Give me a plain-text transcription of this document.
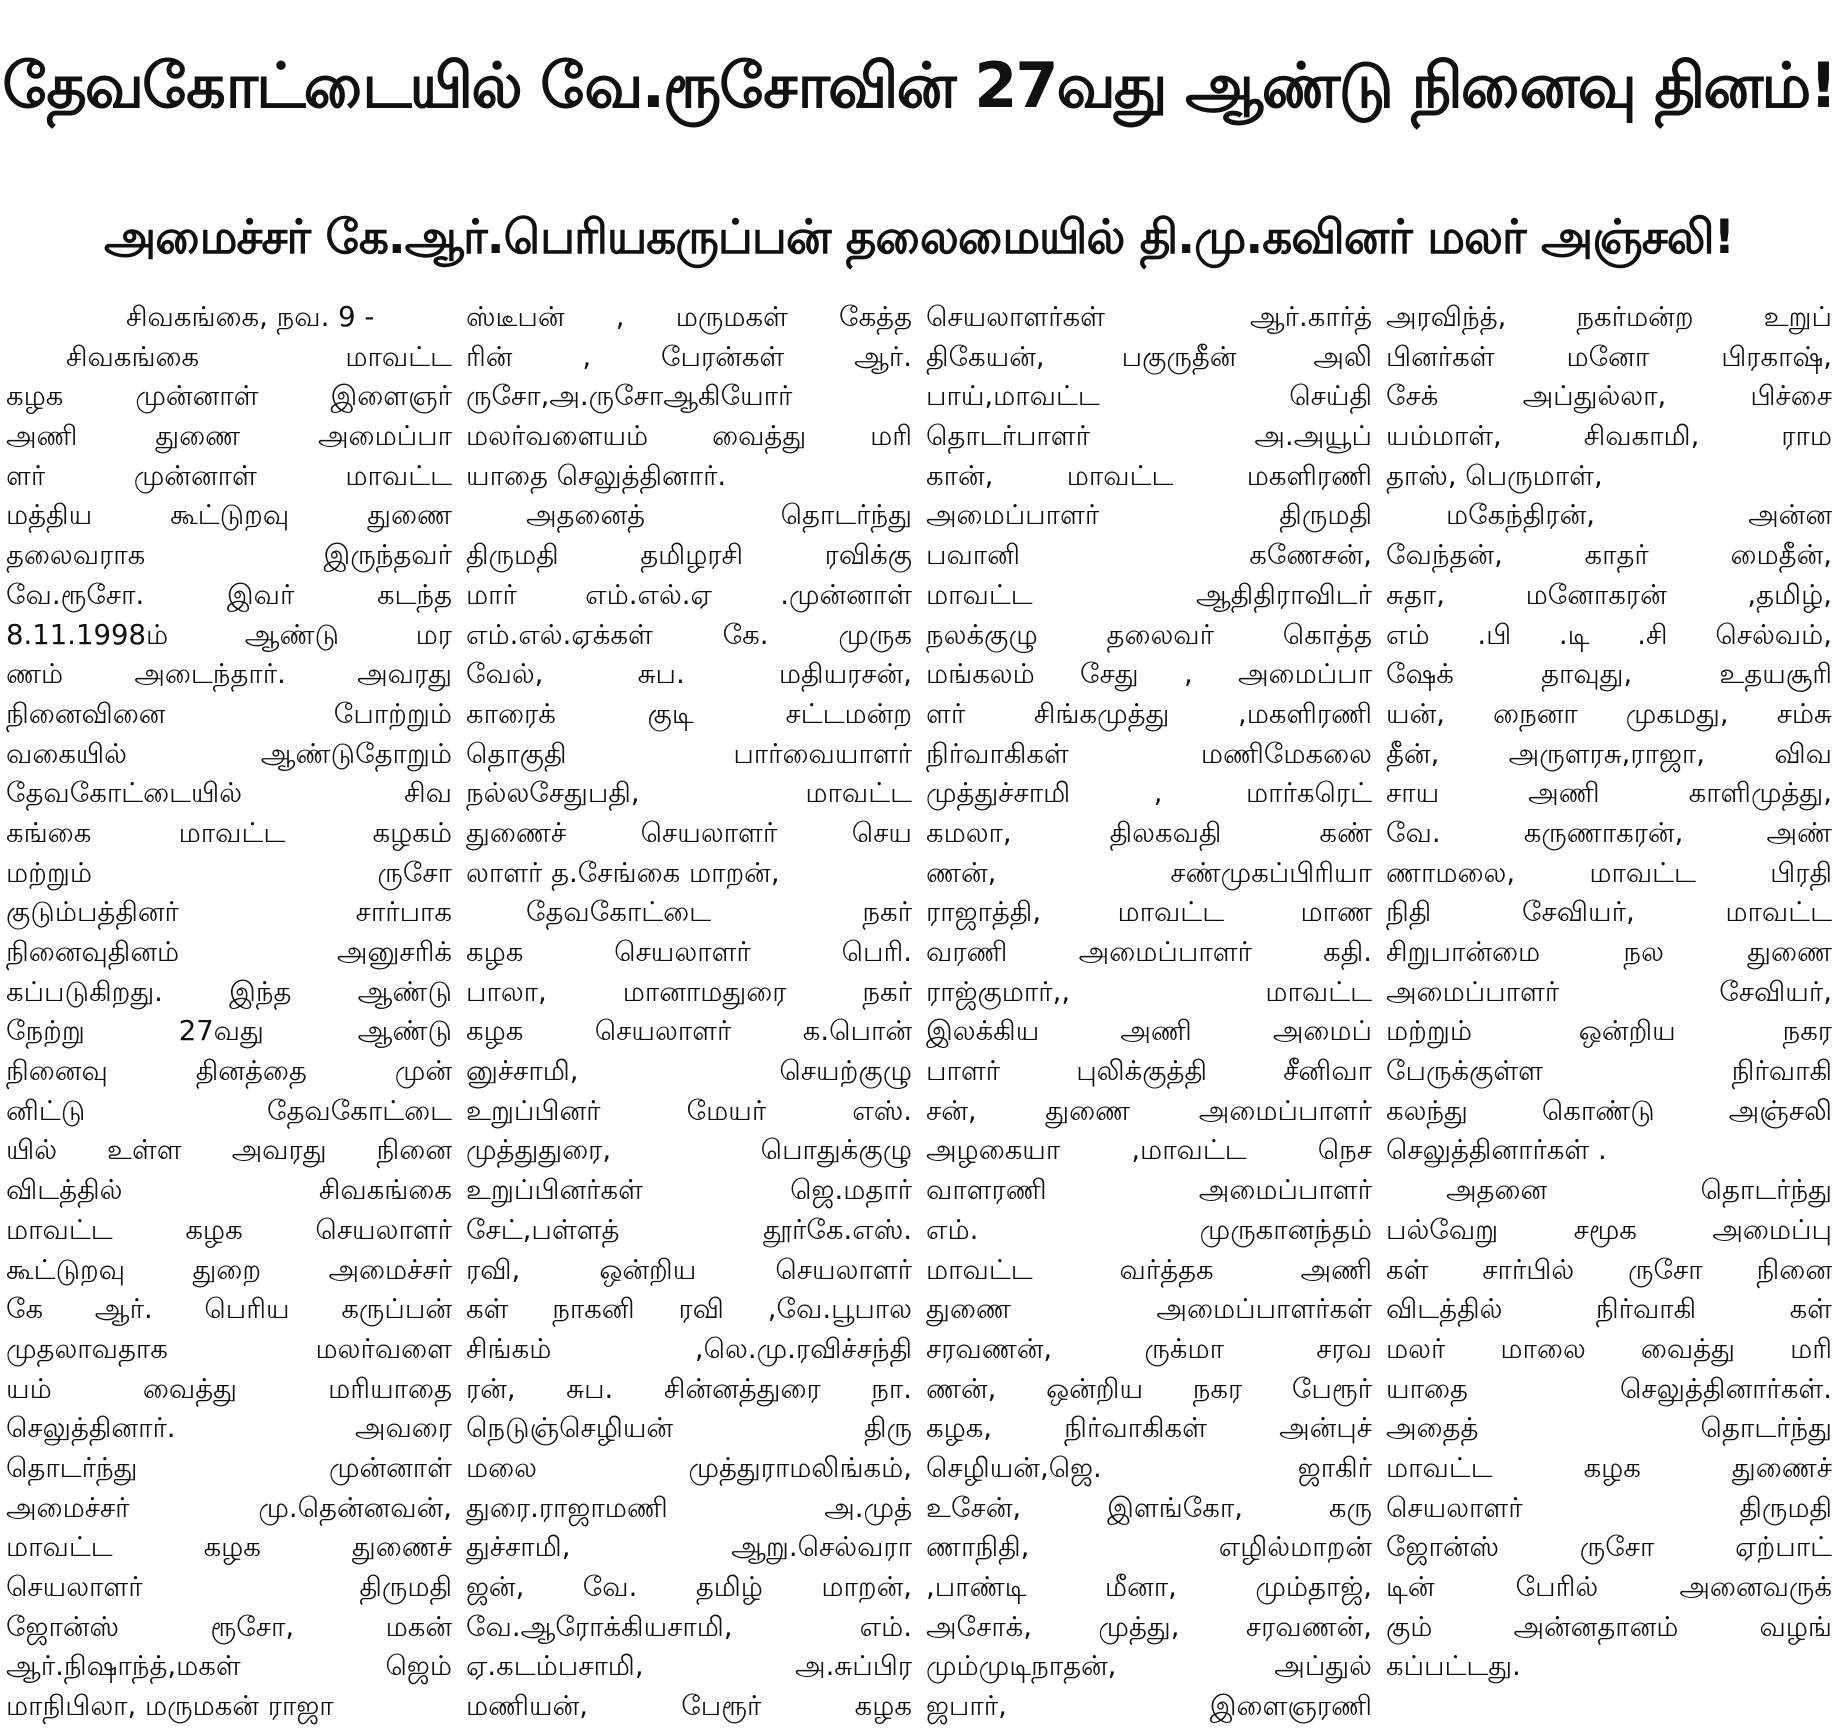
தேவகோட்டையில் வே.ரூசோவின் 27வது ஆண்டு நினைவு தினம்!
அமைச்சர் கே.ஆர்.பெரியகருப்பன் தலைமையில் தி.மு.கவினர் மலர் அஞ்சலி!
சிவகங்கை, நவ. 9 -
சிவகங்கை மாவட்ட
கழக முன்னாள் இளைஞர்
அணி துணை அமைப்பா
ளர் முன்னாள் மாவட்ட
மத்திய கூட்டுறவு துணை
தலைவராக இருந்தவர்
வே.ரூசோ. இவர் கடந்த
8.11.1998ம் ஆண்டு மர
ணம் அடைந்தார். அவரது
நினைவினை போற்றும்
வகையில் ஆண்டுதோறும்
தேவகோட்டையில் சிவ
கங்கை மாவட்ட கழகம்
மற்றும் ருசோ
குடும்பத்தினர் சார்பாக
நினைவுதினம் அனுசரிக்
கப்படுகிறது. இந்த ஆண்டு
நேற்று 27வது ஆண்டு
நினைவு தினத்தை முன்
னிட்டு தேவகோட்டை
யில் உள்ள அவரது நினை
விடத்தில் சிவகங்கை
மாவட்ட கழக செயலாளர்
கூட்டுறவு துறை அமைச்சர்
கே ஆர். பெரிய கருப்பன்
முதலாவதாக மலர்வளை
யம் வைத்து மரியாதை
செலுத்தினார். அவரை
தொடர்ந்து முன்னாள்
அமைச்சர் மு.தென்னவன்,
மாவட்ட கழக துணைச்
செயலாளர் திருமதி
ஜோன்ஸ் ரூசோ, மகன்
ஆர்.நிஷாந்த்,மகள் ஜெம்
மாநிபிலா, மருமகன் ராஜா
ஸ்டீபன் , மருமகள் கேத்த
ரின் , பேரன்கள் ஆர்.
ருசோ,அ.ருசோஆகியோர்
மலர்வளையம் வைத்து மரி
யாதை செலுத்தினார்.
அதனைத் தொடர்ந்து
திருமதி தமிழரசி ரவிக்கு
மார் எம்.எல்.ஏ .முன்னாள்
எம்.எல்.ஏக்கள் கே. முருக
வேல், சுப. மதியரசன்,
காரைக் குடி சட்டமன்ற
தொகுதி பார்வையாளர்
நல்லசேதுபதி, மாவட்ட
துணைச் செயலாளர் செய
லாளர் த.சேங்கை மாறன்,
தேவகோட்டை நகர்
கழக செயலாளர் பெரி.
பாலா, மானாமதுரை நகர்
கழக செயலாளர் க.பொன்
னுச்சாமி, செயற்குழு
உறுப்பினர் மேயர் எஸ்.
முத்துதுரை, பொதுக்குழு
உறுப்பினர்கள் ஜெ.மதார்
சேட்,பள்ளத் தூர்கே.எஸ்.
ரவி, ஒன்றிய செயலாளர்
கள் நாகனி ரவி ,வே.பூபால
சிங்கம் ,லெ.மு.ரவிச்சந்தி
ரன், சுப. சின்னத்துரை நா.
நெடுஞ்செழியன் திரு
மலை முத்துராமலிங்கம்,
துரை.ராஜாமணி அ.முத்
துச்சாமி, ஆறு.செல்வரா
ஜன், வே. தமிழ் மாறன்,
வே.ஆரோக்கியசாமி, எம்.
ஏ.கடம்பசாமி, அ.சுப்பிர
மணியன், பேரூர் கழக
செயலாளர்கள் ஆர்.கார்த்
திகேயன், பகுருதீன் அலி
பாய்,மாவட்ட செய்தி
தொடர்பாளர் அ.அயூப்
கான், மாவட்ட மகளிரணி
அமைப்பாளர் திருமதி
பவானி கணேசன்,
மாவட்ட ஆதிதிராவிடர்
நலக்குழு தலைவர் கொத்த
மங்கலம் சேது , அமைப்பா
ளர் சிங்கமுத்து ,மகளிரணி
நிர்வாகிகள் மணிமேகலை
முத்துச்சாமி , மார்கரெட்
கமலா, திலகவதி கண்
ணன், சண்முகப்பிரியா
ராஜாத்தி, மாவட்ட மாண
வரணி அமைப்பாளர் கதி.
ராஜ்குமார்,, மாவட்ட
இலக்கிய அணி அமைப்
பாளர் புலிக்குத்தி சீனிவா
சன், துணை அமைப்பாளர்
அழகையா ,மாவட்ட நெச
வாளரணி அமைப்பாளர்
எம். முருகானந்தம்
மாவட்ட வர்த்தக அணி
துணை அமைப்பாளர்கள்
சரவணன், ருக்மா சரவ
ணன், ஒன்றிய நகர பேரூர்
கழக, நிர்வாகிகள் அன்புச்
செழியன்,ஜெ. ஜாகிர்
உசேன், இளங்கோ, கரு
ணாநிதி, எழில்மாறன்
,பாண்டி மீனா, மும்தாஜ்,
அசோக், முத்து, சரவணன்,
மும்முடிநாதன், அப்துல்
ஜபார், இளைஞரணி
அரவிந்த், நகர்மன்ற உறுப்
பினர்கள் மனோ பிரகாஷ்,
சேக் அப்துல்லா, பிச்சை
யம்மாள், சிவகாமி, ராம
தாஸ், பெருமாள்,
மகேந்திரன், அன்ன
வேந்தன், காதர் மைதீன்,
சுதா, மனோகரன் ,தமிழ்,
எம் .பி .டி .சி செல்வம்,
ஷேக் தாவுது, உதயசூரி
யன், நைனா முகமது, சம்சு
தீன், அருளரசு,ராஜா, விவ
சாய அணி காளிமுத்து,
வே. கருணாகரன், அண்
ணாமலை, மாவட்ட பிரதி
நிதி சேவியர், மாவட்ட
சிறுபான்மை நல துணை
அமைப்பாளர் சேவியர்,
மற்றும் ஒன்றிய நகர
பேருக்குள்ள நிர்வாகி
கலந்து கொண்டு அஞ்சலி
செலுத்தினார்கள் .
அதனை தொடர்ந்து
பல்வேறு சமூக அமைப்பு
கள் சார்பில் ருசோ நினை
விடத்தில் நிர்வாகி கள்
மலர் மாலை வைத்து மரி
யாதை செலுத்தினார்கள்.
அதைத் தொடர்ந்து
மாவட்ட கழக துணைச்
செயலாளர் திருமதி
ஜோன்ஸ் ருசோ ஏற்பாட்
டின் பேரில் அனைவருக்
கும் அன்னதானம் வழங்
கப்பட்டது.
